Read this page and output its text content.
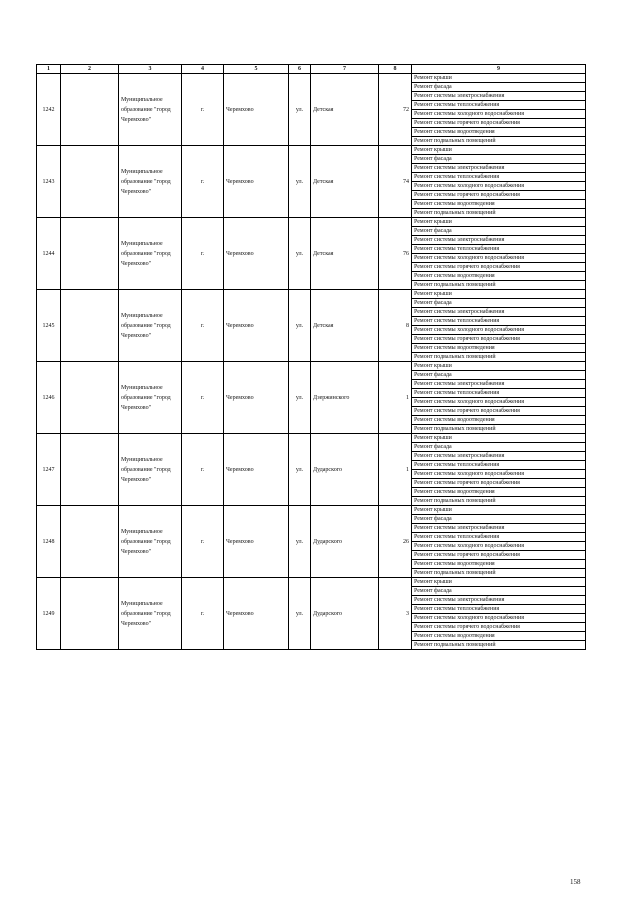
1	2	3	4	5	6	7	8	9
1242		Муниципальное образование "город Черемхово"	г.	Черемхово	ул.	Детская	72	Ремонт крыши
								Ремонт фасада
								Ремонт системы электроснабжения
								Ремонт системы теплоснабжения
								Ремонт системы холодного водоснабжения
								Ремонт системы горячего водоснабжения
								Ремонт системы водоотведения
								Ремонт подвальных помещений
1243		Муниципальное образование "город Черемхово"	г.	Черемхово	ул.	Детская	74	Ремонт крыши
								Ремонт фасада
								Ремонт системы электроснабжения
								Ремонт системы теплоснабжения
								Ремонт системы холодного водоснабжения
								Ремонт системы горячего водоснабжения
								Ремонт системы водоотведения
								Ремонт подвальных помещений
1244		Муниципальное образование "город Черемхово"	г.	Черемхово	ул.	Детская	76	Ремонт крыши
								Ремонт фасада
								Ремонт системы электроснабжения
								Ремонт системы теплоснабжения
								Ремонт системы холодного водоснабжения
								Ремонт системы горячего водоснабжения
								Ремонт системы водоотведения
								Ремонт подвальных помещений
1245		Муниципальное образование "город Черемхово"	г.	Черемхово	ул.	Детская	8	Ремонт крыши
								Ремонт фасада
								Ремонт системы электроснабжения
								Ремонт системы теплоснабжения
								Ремонт системы холодного водоснабжения
								Ремонт системы горячего водоснабжения
								Ремонт системы водоотведения
								Ремонт подвальных помещений
1246		Муниципальное образование "город Черемхово"	г.	Черемхово	ул.	Дзержинского	1	Ремонт крыши
								Ремонт фасада
								Ремонт системы электроснабжения
								Ремонт системы теплоснабжения
								Ремонт системы холодного водоснабжения
								Ремонт системы горячего водоснабжения
								Ремонт системы водоотведения
								Ремонт подвальных помещений
1247		Муниципальное образование "город Черемхово"	г.	Черемхово	ул.	Дударского	1	Ремонт крыши
								Ремонт фасада
								Ремонт системы электроснабжения
								Ремонт системы теплоснабжения
								Ремонт системы холодного водоснабжения
								Ремонт системы горячего водоснабжения
								Ремонт системы водоотведения
								Ремонт подвальных помещений
1248		Муниципальное образование "город Черемхово"	г.	Черемхово	ул.	Дударского	26	Ремонт крыши
								Ремонт фасада
								Ремонт системы электроснабжения
								Ремонт системы теплоснабжения
								Ремонт системы холодного водоснабжения
								Ремонт системы горячего водоснабжения
								Ремонт системы водоотведения
								Ремонт подвальных помещений
1249		Муниципальное образование "город Черемхово"	г.	Черемхово	ул.	Дударского	3	Ремонт крыши
								Ремонт фасада
								Ремонт системы электроснабжения
								Ремонт системы теплоснабжения
								Ремонт системы холодного водоснабжения
								Ремонт системы горячего водоснабжения
								Ремонт системы водоотведения
								Ремонт подвальных помещений
158
